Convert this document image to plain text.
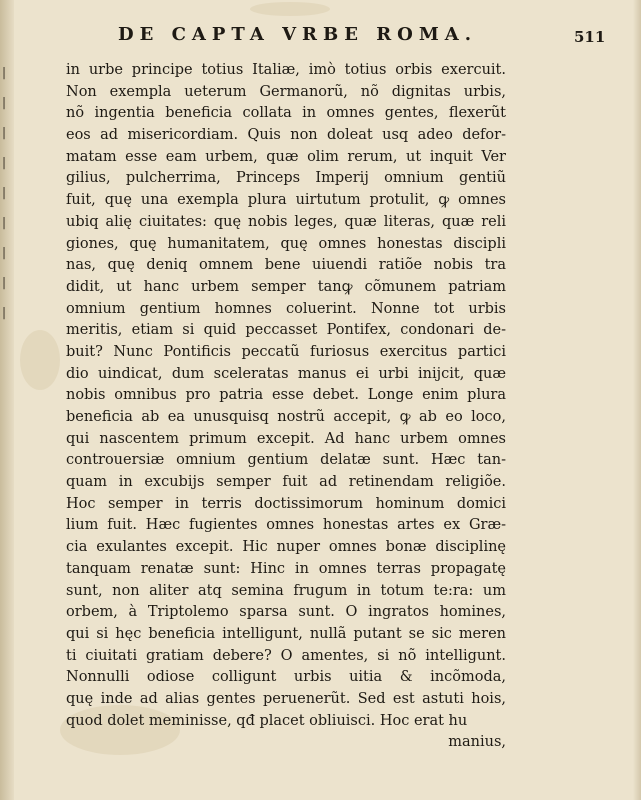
|
|
|
|
|
|
|
|
|
DE CAPTA VRBE ROMA.	511
in urbe principe totius Italiæ, imò totius orbis exercuit.
Non exempla ueterum Germanorũ, nõ dignitas urbis,
nõ ingentia beneficia collata in omnes gentes, flexerũt
eos ad misericordiam. Quis non doleat usq adeo defor-
matam esse eam urbem, quæ olim rerum, ut inquit Ver
gilius, pulcherrima, Princeps Imperij omnium gentiũ
fuit, quę una exempla plura uirtutum protulit, ꝙ omnes
ubiq alię ciuitates: quę nobis leges, quæ literas, quæ reli
giones, quę humanitatem, quę omnes honestas discipli
nas, quę deniq omnem bene uiuendi ratiõe nobis tra
didit, ut hanc urbem semper tanꝙ cõmunem patriam
omnium gentium homnes coluerint. Nonne tot urbis
meritis, etiam si quid peccasset Pontifex, condonari de-
buit? Nunc Pontificis peccatũ furiosus exercitus partici
dio uindicat, dum sceleratas manus ei urbi inijcit, quæ
nobis omnibus pro patria esse debet. Longe enim plura
beneficia ab ea unusquisq nostrũ accepit, ꝙ ab eo loco,
qui nascentem primum excepit. Ad hanc urbem omnes
controuersiæ omnium gentium delatæ sunt. Hæc tan-
quam in excubijs semper fuit ad retinendam religiõe.
Hoc semper in terris doctissimorum hominum domici
lium fuit. Hæc fugientes omnes honestas artes ex Græ-
cia exulantes excepit. Hic nuper omnes bonæ disciplinę
tanquam renatæ sunt: Hinc in omnes terras propagatę
sunt, non aliter atq semina frugum in totum te:ra: um
orbem, à Triptolemo sparsa sunt. O ingratos homines,
qui si hęc beneficia intelligunt, nullã putant se sic meren
ti ciuitati gratiam debere? O amentes, si nõ intelligunt.
Nonnulli odiose colligunt urbis uitia & incõmoda,
quę inde ad alias gentes peruenerũt. Sed est astuti hois,
quod dolet meminisse, qđ placet obliuisci. Hoc erat hu
manius,
